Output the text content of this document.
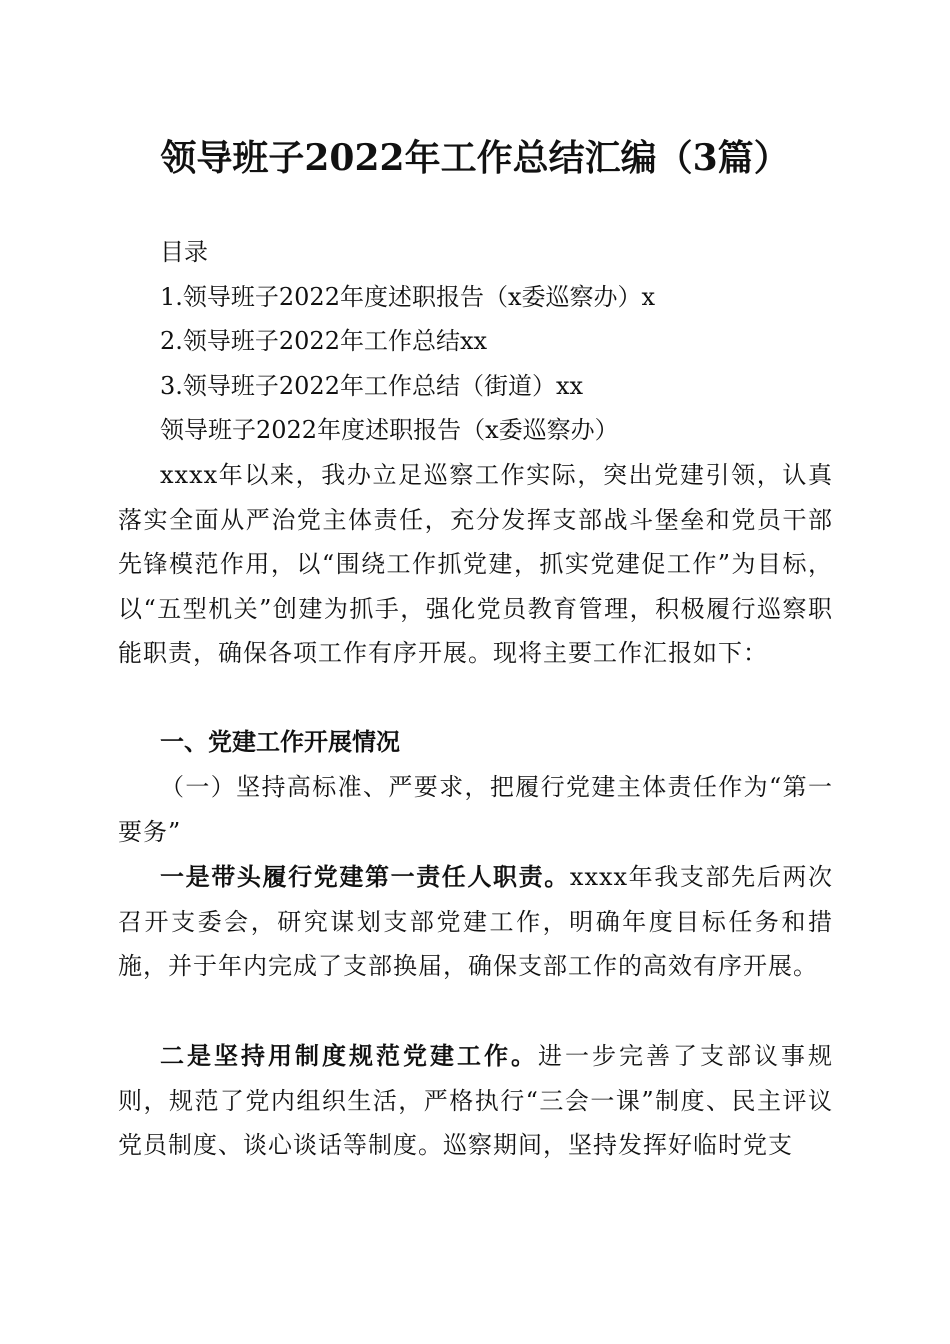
领导班子2022年工作总结汇编（3篇）
目录
1.领导班子2022年度述职报告（x委巡察办）x
2.领导班子2022年工作总结xx
3.领导班子2022年工作总结（街道）xx
领导班子2022年度述职报告（x委巡察办）
xxxx年以来，我办立足巡察工作实际，突出党建引领，认真落实全面从严治党主体责任，充分发挥支部战斗堡垒和党员干部先锋模范作用，以“围绕工作抓党建，抓实党建促工作”为目标，以“五型机关”创建为抓手，强化党员教育管理，积极履行巡察职能职责，确保各项工作有序开展。现将主要工作汇报如下：
一、党建工作开展情况
（一）坚持高标准、严要求，把履行党建主体责任作为“第一要务”
一是带头履行党建第一责任人职责。xxxx年我支部先后两次召开支委会，研究谋划支部党建工作，明确年度目标任务和措施，并于年内完成了支部换届，确保支部工作的高效有序开展。
二是坚持用制度规范党建工作。进一步完善了支部议事规则，规范了党内组织生活，严格执行“三会一课”制度、民主评议党员制度、谈心谈话等制度。巡察期间，坚持发挥好临时党支
